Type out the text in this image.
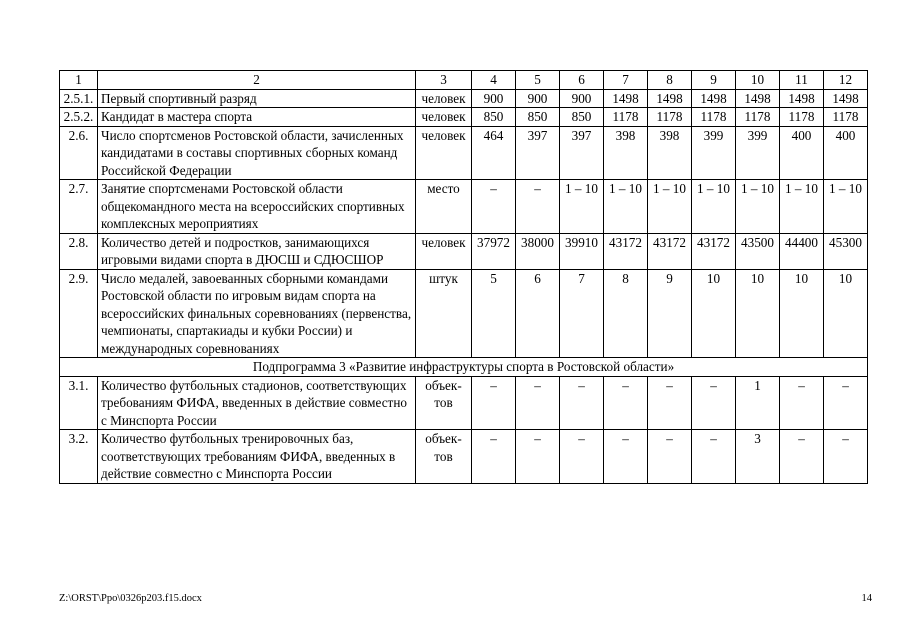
1	2	3	4	5	6	7	8	9	10	11	12
2.5.1.	Первый спортивный разряд	человек	900	900	900	1498	1498	1498	1498	1498	1498
2.5.2.	Кандидат в мастера спорта	человек	850	850	850	1178	1178	1178	1178	1178	1178
2.6.	Число спортсменов Ростовской области, зачисленных кандидатами в составы спортивных сборных команд Российской Федерации	человек	464	397	397	398	398	399	399	400	400
2.7.	Занятие спортсменами Ростовской области общекомандного места на всероссийских спортивных комплексных мероприятиях	место	–	–	1 – 10	1 – 10	1 – 10	1 – 10	1 – 10	1 – 10	1 – 10
2.8.	Количество детей и подростков, занимающихся игровыми видами спорта в ДЮСШ и СДЮСШОР	человек	37972	38000	39910	43172	43172	43172	43500	44400	45300
2.9.	Число медалей, завоеванных сборными командами Ростовской области по игровым видам спорта на всероссийских финальных соревнованиях (первенства, чемпионаты, спартакиады и кубки России) и международных соревнованиях	штук	5	6	7	8	9	10	10	10	10
Подпрограмма 3 «Развитие инфраструктуры спорта в Ростовской области»											
3.1.	Количество футбольных стадионов, соответствующих требованиям ФИФА, введенных в действие совместно с Минспорта России	объек-тов	–	–	–	–	–	–	1	–	–
3.2.	Количество футбольных тренировочных баз, соответствующих требованиям ФИФА, введенных в действие совместно с Минспорта России	объек-тов	–	–	–	–	–	–	3	–	–
Z:\ORST\Ppo\0326p203.f15.docx	14
